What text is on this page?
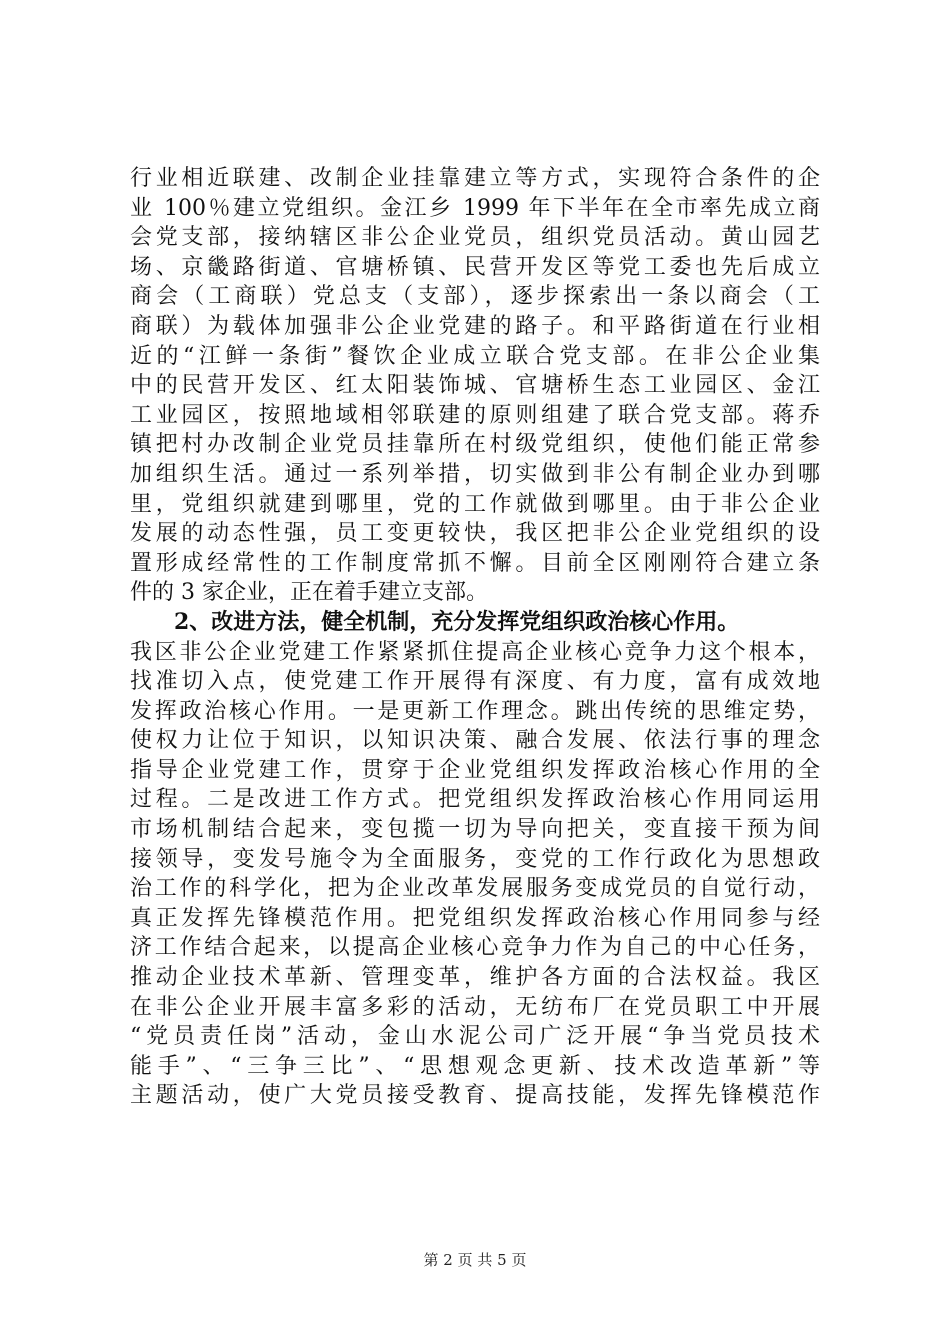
行业相近联建、改制企业挂靠建立等方式，实现符合条件的企
业 100％建立党组织。金江乡 1999 年下半年在全市率先成立商
会党支部，接纳辖区非公企业党员，组织党员活动。黄山园艺
场、京畿路街道、官塘桥镇、民营开发区等党工委也先后成立
商会（工商联）党总支（支部），逐步探索出一条以商会（工
商联）为载体加强非公企业党建的路子。和平路街道在行业相
近的“江鲜一条街”餐饮企业成立联合党支部。在非公企业集
中的民营开发区、红太阳装饰城、官塘桥生态工业园区、金江
工业园区，按照地域相邻联建的原则组建了联合党支部。蒋乔
镇把村办改制企业党员挂靠所在村级党组织，使他们能正常参
加组织生活。通过一系列举措，切实做到非公有制企业办到哪
里，党组织就建到哪里，党的工作就做到哪里。由于非公企业
发展的动态性强，员工变更较快，我区把非公企业党组织的设
置形成经常性的工作制度常抓不懈。目前全区刚刚符合建立条
件的 3 家企业，正在着手建立支部。
2、改进方法，健全机制，充分发挥党组织政治核心作用。
我区非公企业党建工作紧紧抓住提高企业核心竞争力这个根本，
找准切入点，使党建工作开展得有深度、有力度，富有成效地
发挥政治核心作用。一是更新工作理念。跳出传统的思维定势，
使权力让位于知识，以知识决策、融合发展、依法行事的理念
指导企业党建工作，贯穿于企业党组织发挥政治核心作用的全
过程。二是改进工作方式。把党组织发挥政治核心作用同运用
市场机制结合起来，变包揽一切为导向把关，变直接干预为间
接领导，变发号施令为全面服务，变党的工作行政化为思想政
治工作的科学化，把为企业改革发展服务变成党员的自觉行动，
真正发挥先锋模范作用。把党组织发挥政治核心作用同参与经
济工作结合起来，以提高企业核心竞争力作为自己的中心任务，
推动企业技术革新、管理变革，维护各方面的合法权益。我区
在非公企业开展丰富多彩的活动，无纺布厂在党员职工中开展
“党员责任岗”活动，金山水泥公司广泛开展“争当党员技术
能手”、“三争三比”、“思想观念更新、技术改造革新”等
主题活动，使广大党员接受教育、提高技能，发挥先锋模范作
第 2 页 共 5 页
